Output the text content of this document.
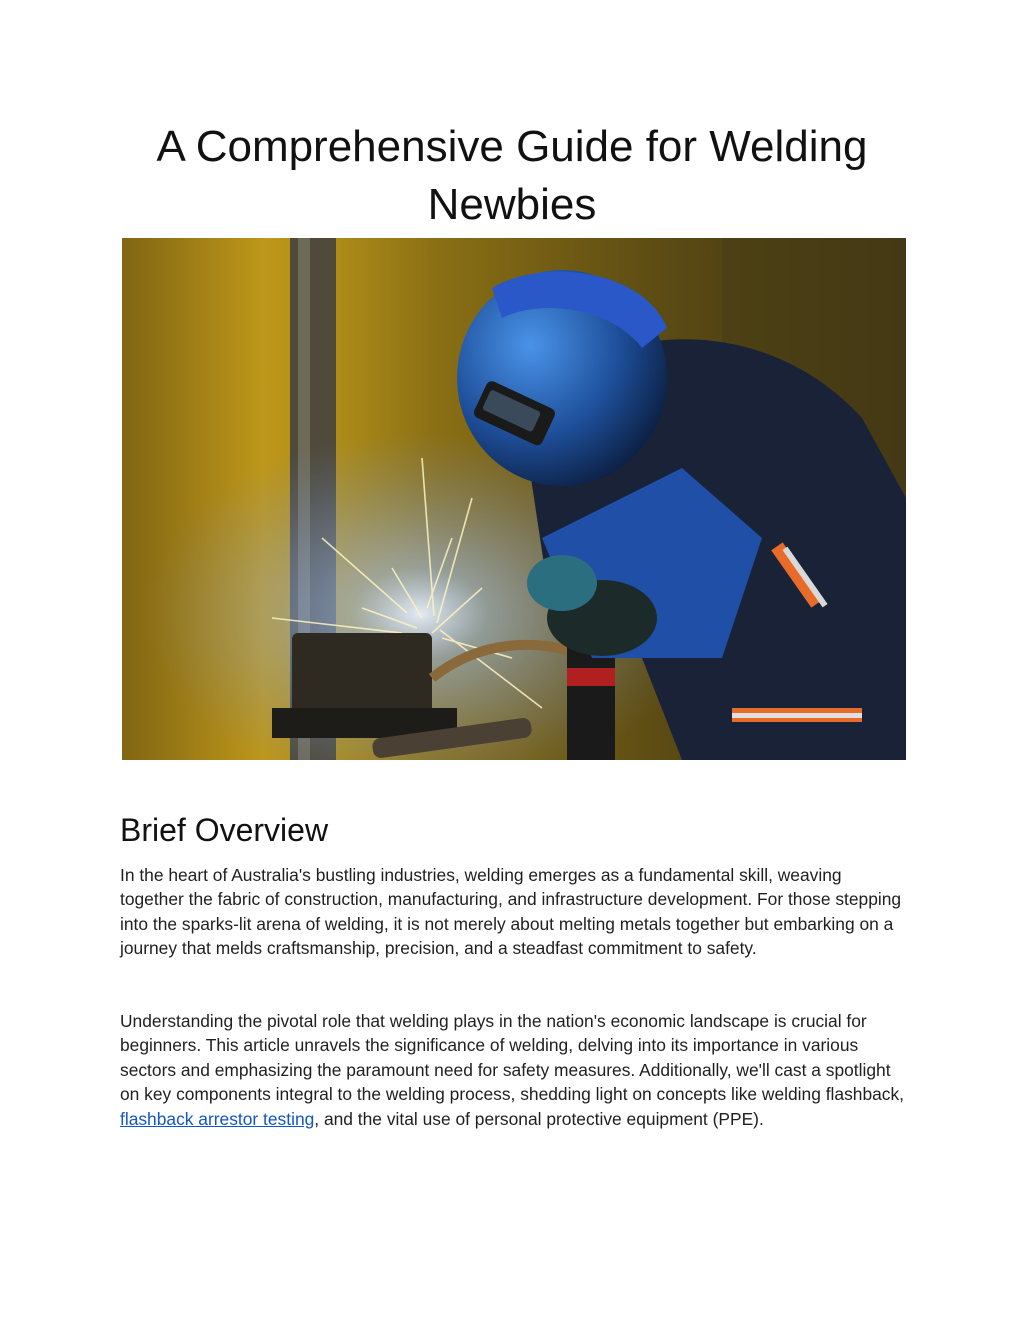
A Comprehensive Guide for Welding Newbies
Brief Overview

In the heart of Australia's bustling industries, welding emerges as a fundamental skill, weaving together the fabric of construction, manufacturing, and infrastructure development. For those stepping into the sparks-lit arena of welding, it is not merely about melting metals together but embarking on a journey that melds craftsmanship, precision, and a steadfast commitment to safety.

Understanding the pivotal role that welding plays in the nation's economic landscape is crucial for beginners. This article unravels the significance of welding, delving into its importance in various sectors and emphasizing the paramount need for safety measures. Additionally, we'll cast a spotlight on key components integral to the welding process, shedding light on concepts like welding flashback, flashback arrestor testing, and the vital use of personal protective equipment (PPE).
